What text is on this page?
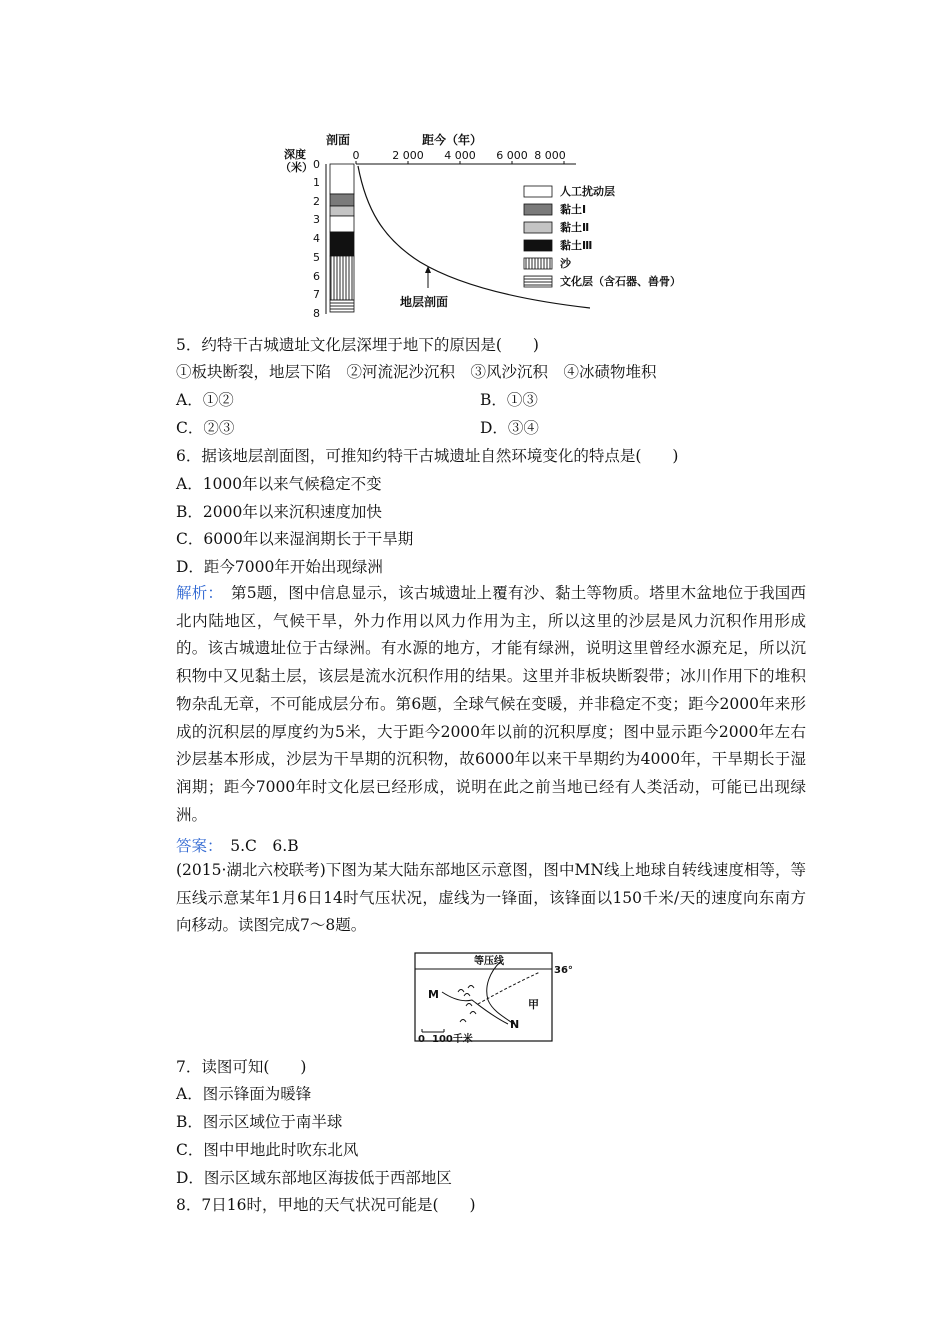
剖面
深度
（米）
距今（年）
0	2 000 4 000 6 000 8 000
0
1
2
3
4
5
6
7
8
地层剖面
人工扰动层
黏土Ⅰ
黏土Ⅱ
黏土Ⅲ
沙
文化层（含石器、兽骨）
5．约特干古城遗址文化层深埋于地下的原因是(　　)
①板块断裂，地层下陷　②河流泥沙沉积　③风沙沉积　④冰碛物堆积
A．①②	B．①③
C．②③	D．③④
6．据该地层剖面图，可推知约特干古城遗址自然环境变化的特点是(　　)
A．1000年以来气候稳定不变
B．2000年以来沉积速度加快
C．6000年以来湿润期长于干旱期
D．距今7000年开始出现绿洲
解析：　第5题，图中信息显示，该古城遗址上覆有沙、黏土等物质。塔里木盆地位于我国西北内陆地区，气候干旱，外力作用以风力作用为主，所以这里的沙层是风力沉积作用形成的。该古城遗址位于古绿洲。有水源的地方，才能有绿洲，说明这里曾经水源充足，所以沉积物中又见黏土层，该层是流水沉积作用的结果。这里并非板块断裂带；冰川作用下的堆积物杂乱无章，不可能成层分布。第6题，全球气候在变暖，并非稳定不变；距今2000年来形成的沉积层的厚度约为5米，大于距今2000年以前的沉积厚度；图中显示距今2000年左右沙层基本形成，沙层为干旱期的沉积物，故6000年以来干旱期约为4000年，干旱期长于湿润期；距今7000年时文化层已经形成，说明在此之前当地已经有人类活动，可能已出现绿洲。
答案：　5.C　6.B
(2015·湖北六校联考)下图为某大陆东部地区示意图，图中MN线上地球自转线速度相等，等压线示意某年1月6日14时气压状况，虚线为一锋面，该锋面以150千米/天的速度向东南方向移动。读图完成7～8题。
36°
等压线
M
N
甲
0 100千米
7．读图可知(　　)
A．图示锋面为暖锋
B．图示区域位于南半球
C．图中甲地此时吹东北风
D．图示区域东部地区海拔低于西部地区
8．7日16时，甲地的天气状况可能是(　　)
